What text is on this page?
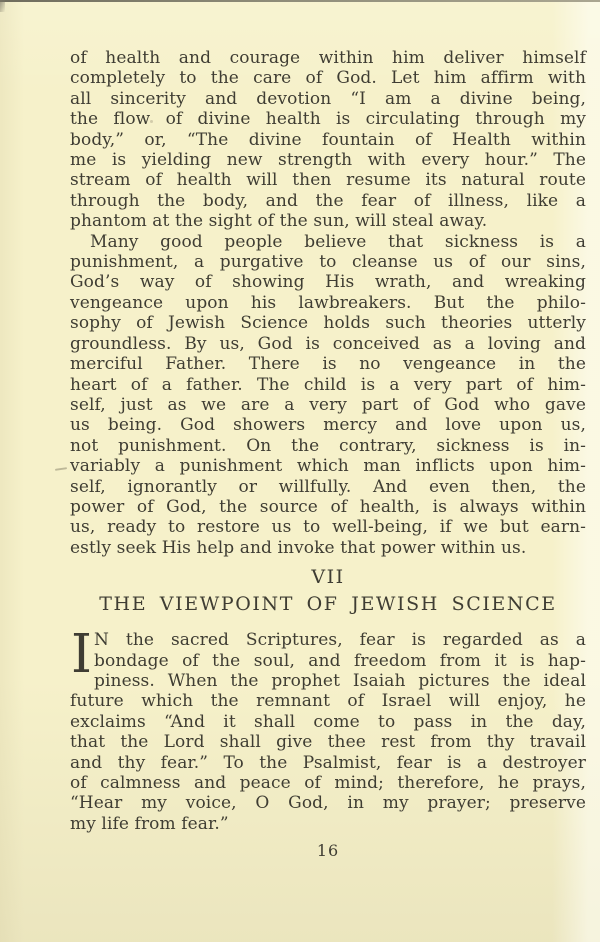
of health and courage within him deliver himself
completely to the care of God. Let him affirm with
all sincerity and devotion “I am a divine being,
the flow of divine health is circulating through my
body,” or, “The divine fountain of Health within
me is yielding new strength with every hour.” The
stream of health will then resume its natural route
through the body, and the fear of illness, like a
phantom at the sight of the sun, will steal away.
Many good people believe that sickness is a
punishment, a purgative to cleanse us of our sins,
God’s way of showing His wrath, and wreaking
vengeance upon his lawbreakers. But the philo-
sophy of Jewish Science holds such theories utterly
groundless. By us, God is conceived as a loving and
merciful Father. There is no vengeance in the
heart of a father. The child is a very part of him-
self, just as we are a very part of God who gave
us being. God showers mercy and love upon us,
not punishment. On the contrary, sickness is in-
variably a punishment which man inflicts upon him-
self, ignorantly or willfully. And even then, the
power of God, the source of health, is always within
us, ready to restore us to well-being, if we but earn-
estly seek His help and invoke that power within us.
VII
THE VIEWPOINT OF JEWISH SCIENCE
I N the sacred Scriptures, fear is regarded as a
bondage of the soul, and freedom from it is hap-
piness. When the prophet Isaiah pictures the ideal
future which the remnant of Israel will enjoy, he
exclaims “And it shall come to pass in the day,
that the Lord shall give thee rest from thy travail
and thy fear.” To the Psalmist, fear is a destroyer
of calmness and peace of mind; therefore, he prays,
“Hear my voice, O God, in my prayer; preserve
my life from fear.”
16
